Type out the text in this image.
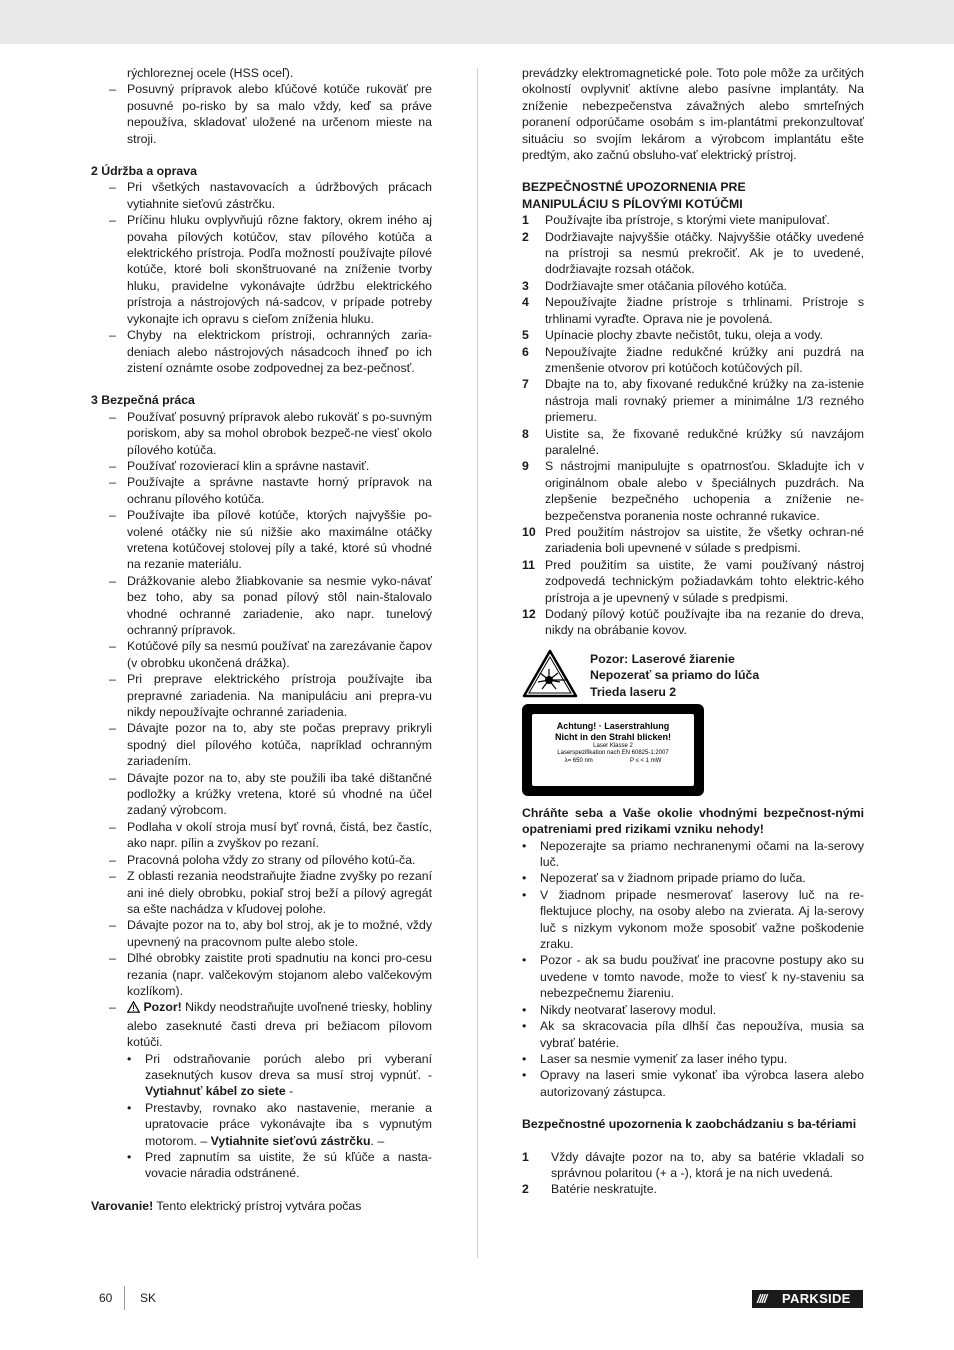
rýchloreznej ocele (HSS oceľ).

– Posuvný prípravok alebo kľúčové kotúče rukoväť pre posuvné po-risko by sa malo vždy, keď sa práve nepoužíva, skladovať uložené na určenom mieste na stroji.
2 Údržba a oprava
– Pri všetkých nastavovacích a údržbových prácach vytiahnite sieťovú zástrčku.
– Príčinu hluku ovplyvňujú rôzne faktory, okrem iného aj povaha pílových kotúčov, stav pílového kotúča a elektrického prístroja. Podľa možností používajte pílové kotúče, ktoré boli skonštruované na zníženie tvorby hluku, pravidelne vykonávajte údržbu elektrického prístroja a nástrojových ná-sadcov, v prípade potreby vykonajte ich opravu s cieľom zníženia hluku.
– Chyby na elektrickom prístroji, ochranných zaria-deniach alebo nástrojových násadcoch ihneď po ich zistení oznámte osobe zodpovednej za bez-pečnosť.
3 Bezpečná práca
– Používať posuvný prípravok alebo rukoväť s po-suvným poriskom, aby sa mohol obrobok bezpeč-ne viesť okolo pílového kotúča.
– Používať rozovierací klin a správne nastaviť.
– Používajte a správne nastavte horný prípravok na ochranu pílového kotúča.
– Používajte iba pílové kotúče, ktorých najvyššie po-volené otáčky nie sú nižšie ako maximálne otáčky vretena kotúčovej stolovej píly a také, ktoré sú vhodné na rezanie materiálu.
– Drážkovanie alebo žliabkovanie sa nesmie vyko-návať bez toho, aby sa ponad pílový stôl nain-štalovalo vhodné ochranné zariadenie, ako napr. tunelový ochranný prípravok.
– Kotúčové píly sa nesmú používať na zarezávanie čapov (v obrobku ukončená drážka).
– Pri preprave elektrického prístroja používajte iba prepravné zariadenia. Na manipuláciu ani prepra-vu nikdy nepoužívajte ochranné zariadenia.
– Dávajte pozor na to, aby ste počas prepravy prikryli spodný diel pílového kotúča, napríklad ochranným zariadením.
– Dávajte pozor na to, aby ste použili iba také dištančné podložky a krúžky vretena, ktoré sú vhodné na účel zadaný výrobcom.
– Podlaha v okolí stroja musí byť rovná, čistá, bez častíc, ako napr. pílin a zvyškov po rezaní.
– Pracovná poloha vždy zo strany od pílového kotú-ča.
– Z oblasti rezania neodstraňujte žiadne zvyšky po rezaní ani iné diely obrobku, pokiaľ stroj beží a pílový agregát sa ešte nachádza v kľudovej polohe.
– Dávajte pozor na to, aby bol stroj, ak je to možné, vždy upevnený na pracovnom pulte alebo stole.
– Dlhé obrobky zaistite proti spadnutiu na konci pro-cesu rezania (napr. valčekovým stojanom alebo valčekovým kozlíkom).
– Pozor! Nikdy neodstraňujte uvoľnené triesky, hobliny alebo zaseknuté časti dreva pri bežiacom pílovom kotúči.
• Pri odstraňovanie porúch alebo pri vyberaní zaseknutých kusov dreva sa musí stroj vypnúť. - Vytiahnuť kábel zo siete -
• Prestavby, rovnako ako nastavenie, meranie a upratovacie práce vykonávajte iba s vypnutým motorom. – Vytiahnite sieťovú zástrčku. –
• Pred zapnutím sa uistite, že sú kľúče a nasta-vovacie náradia odstránené.

Varovanie! Tento elektrický prístroj vytvára počas

prevádzky elektromagnetické pole. Toto pole môže za určitých okolností ovplyvniť aktívne alebo pasívne implantáty. Na zníženie nebezpečenstva závažných alebo smrteľných poranení odporúčame osobám s im-plantátmi prekonzultovať situáciu so svojím lekárom a výrobcom implantátu ešte predtým, ako začnú obsluho-vať elektrický prístroj.

BEZPEČNOSTNÉ UPOZORNENIA PRE
MANIPULÁCIU S PÍLOVÝMI KOTÚČMI
1 Používajte iba prístroje, s ktorými viete manipulovať.
2 Dodržiavajte najvyššie otáčky. Najvyššie otáčky uvedené na prístroji sa nesmú prekročiť. Ak je to uvedené, dodržiavajte rozsah otáčok.
3 Dodržiavajte smer otáčania pílového kotúča.
4 Nepoužívajte žiadne prístroje s trhlinami. Prístroje s trhlinami vyraďte. Oprava nie je povolená.
5 Upínacie plochy zbavte nečistôt, tuku, oleja a vody.
6 Nepoužívajte žiadne redukčné krúžky ani puzdrá na zmenšenie otvorov pri kotúčoch kotúčových píl.
7 Dbajte na to, aby fixované redukčné krúžky na za-istenie nástroja mali rovnaký priemer a minimálne 1/3 rezného priemeru.
8 Uistite sa, že fixované redukčné krúžky sú navzájom paralelné.
9 S nástrojmi manipulujte s opatrnosťou. Skladujte ich v originálnom obale alebo v špeciálnych puzdrách. Na zlepšenie bezpečného uchopenia a zníženie ne-bezpečenstva poranenia noste ochranné rukavice.
10 Pred použitím nástrojov sa uistite, že všetky ochran-né zariadenia boli upevnené v súlade s predpismi.
11 Pred použitím sa uistite, že vami používaný nástroj zodpovedá technickým požiadavkám tohto elektric-kého prístroja a je upevnený v súlade s predpismi.
12 Dodaný pílový kotúč používajte iba na rezanie do dreva, nikdy na obrábanie kovov.
Pozor: Laserové žiarenie
Nepozerať sa priamo do lúča
Trieda laseru 2
Achtung! · Laserstrahlung
Nicht in den Strahl blicken!
Laser Klasse 2
Laserspezifikation nach EN 60825-1:2007
λ= 650 nm	P ≤ < 1 mW

Chráňte seba a Vaše okolie vhodnými bezpečnost-nými opatreniami pred rizikami vzniku nehody!

• Nepozerajte sa priamo nechranenymi očami na la-serovy luč.
• Nepozerať sa v žiadnom pripade priamo do luča.
• V žiadnom pripade nesmerovať laserovy luč na re-flektujuce plochy, na osoby alebo na zvierata. Aj la-serovy luč s nizkym vykonom može sposobiť važne poškodenie zraku.
• Pozor - ak sa budu použivať ine pracovne postupy ako su uvedene v tomto navode, može to viesť k ny-staveniu sa nebezpečnemu žiareniu.
• Nikdy neotvarať laserovy modul.
• Ak sa skracovacia píla dlhší čas nepoužíva, musia sa vybrať batérie.
• Laser sa nesmie vymeniť za laser iného typu.
• Opravy na laseri smie vykonať iba výrobca lasera alebo autorizovaný zástupca.

Bezpečnostné upozornenia k zaobchádzaniu s ba-tériami

1 Vždy dávajte pozor na to, aby sa batérie vkladali so správnou polaritou (+ a -), ktorá je na nich uvedená.
2 Batérie neskratujte.
60 SK	////	PARKSIDE
